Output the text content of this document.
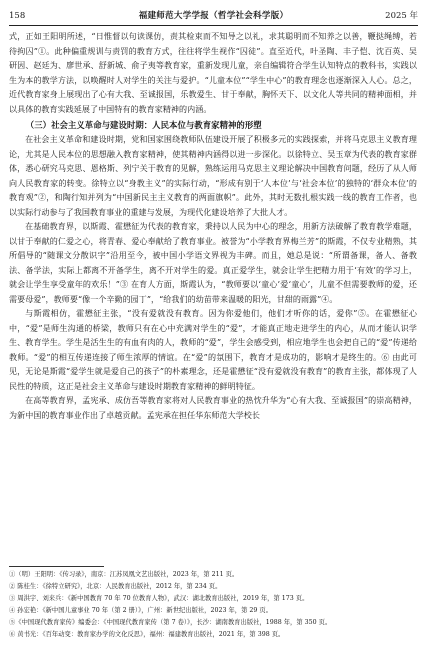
158	福建师范大学学报（哲学社会科学版）	2025 年

式，正如王阳明所述，“日惟督以句读课仿，责其检束而不知导之以礼，求其聪明而不知养之以善，鞭挞绳缚，若待拘囚”①。此种偏重规训与责罚的教育方式，往往将学生视作“囚徒”。直至近代，叶圣陶、丰子恺、沈百英、吴研因、赵廷为、廖世承、舒新城、俞子夷等教育家，重新发现儿童，亲自编辑符合学生认知特点的教科书，实践以生为本的教学方法，以唤醒时人对学生的关注与爱护。“儿童本位”“学生中心”的教育理念也逐渐深入人心。总之，近代教育家身上展现出了心有大我、至诚报国，乐教爱生、甘于奉献，胸怀天下、以文化人等共同的精神面相，并以具体的教育实践延展了中国特有的教育家精神的内涵。

（三）社会主义革命与建设时期：人民本位与教育家精神的形塑

在社会主义革命和建设时期，党和国家围绕教师队伍建设开展了积极多元的实践探索，并将马克思主义教育理论，尤其是人民本位的思想融入教育家精神，使其精神内涵得以进一步深化。以徐特立、吴玉章为代表的教育家群体，悉心研究马克思、恩格斯、列宁关于教育的见解，熟练运用马克思主义理论解决中国教育问题，经历了从人师向人民教育家的转变。徐特立以“身教主义”的实际行动，“形成有别于‘人本位’与‘社会本位’的独特的‘群众本位’的教育观”②，和陶行知并列为“中国新民主主义教育的两面旗帜”。此外，其时无数扎根实践一线的教育工作者，也以实际行动参与了我国教育事业的重建与发展，为现代化建设培养了大批人才。

在基础教育界，以斯霞、霍懋征为代表的教育家，秉持以人民为中心的理念，用新方法破解了教育教学难题，以甘于奉献的仁爱之心，将青春、爱心奉献给了教育事业。被誉为“小学教育界梅兰芳”的斯霞，不仅专业精熟，其所倡导的“随课文分散识字”沿用至今，被中国小学语文界视为丰碑。而且，她总是说：“所谓备课，备人、备教法、备学法，实际上都离不开备学生，离不开对学生的爱。真正爱学生，就会让学生把精力用于‘有效’的学习上，就会让学生享受童年的欢乐！”③ 在育人方面，斯霞认为，“教师要以‘童心’爱‘童心’，儿童不但需要教师的爱，还需要母爱”，教师要“像一个辛勤的园丁”，“给我们的幼苗带来温暖的阳光，甘甜的雨露”④。

与斯霞相仿，霍懋征主张，“没有爱就没有教育。因为你爱他们，他们才听你的话，爱你”⑤。在霍懋征心中，“爱”是师生沟通的桥梁，教师只有在心中充满对学生的“爱”，才能真正地走进学生的内心，从而才能认识学生、教育学生。学生是活生生的有血有肉的人，教师的“爱”，学生会感受到，相应地学生也会把自己的“爱”传递给教师。“爱”的相互传递连接了师生浓厚的情谊。在“爱”的氛围下，教育才是成功的，影响才是终生的。⑥ 由此可见，无论是斯霞“爱学生就是爱自己的孩子”的朴素理念，还是霍懋征“没有爱就没有教育”的教育主张，都体现了人民性的特质，这正是社会主义革命与建设时期教育家精神的鲜明特征。

在高等教育界，孟宪承、成仿吾等教育家将对人民教育事业的热忱升华为“心有大我、至诚报国”的崇高精神，为新中国的教育事业作出了卓越贡献。孟宪承在担任华东师范大学校长

①（明）王阳明：《传习录》，南京：江苏凤凰文艺出版社，2023 年，第 211 页。
② 陈桂生：《徐特立研究》，北京：人民教育出版社，2012 年，第 234 页。
③ 周洪宇、刘来兵：《新中国教育 70 年 70 位教育人物》，武汉：湖北教育出版社，2019 年，第 173 页。
④ 孙宏艳：《新中国儿童事业 70 年（第 2 册）》，广州：新世纪出版社，2023 年，第 29 页。
⑤《中国现代教育家传》编委会：《中国现代教育家传（第 7 卷）》，长沙：湖南教育出版社，1988 年，第 350 页。
⑥ 黄书光：《百年动变：教育家办学的文化反思》，福州：福建教育出版社，2021 年，第 398 页。
